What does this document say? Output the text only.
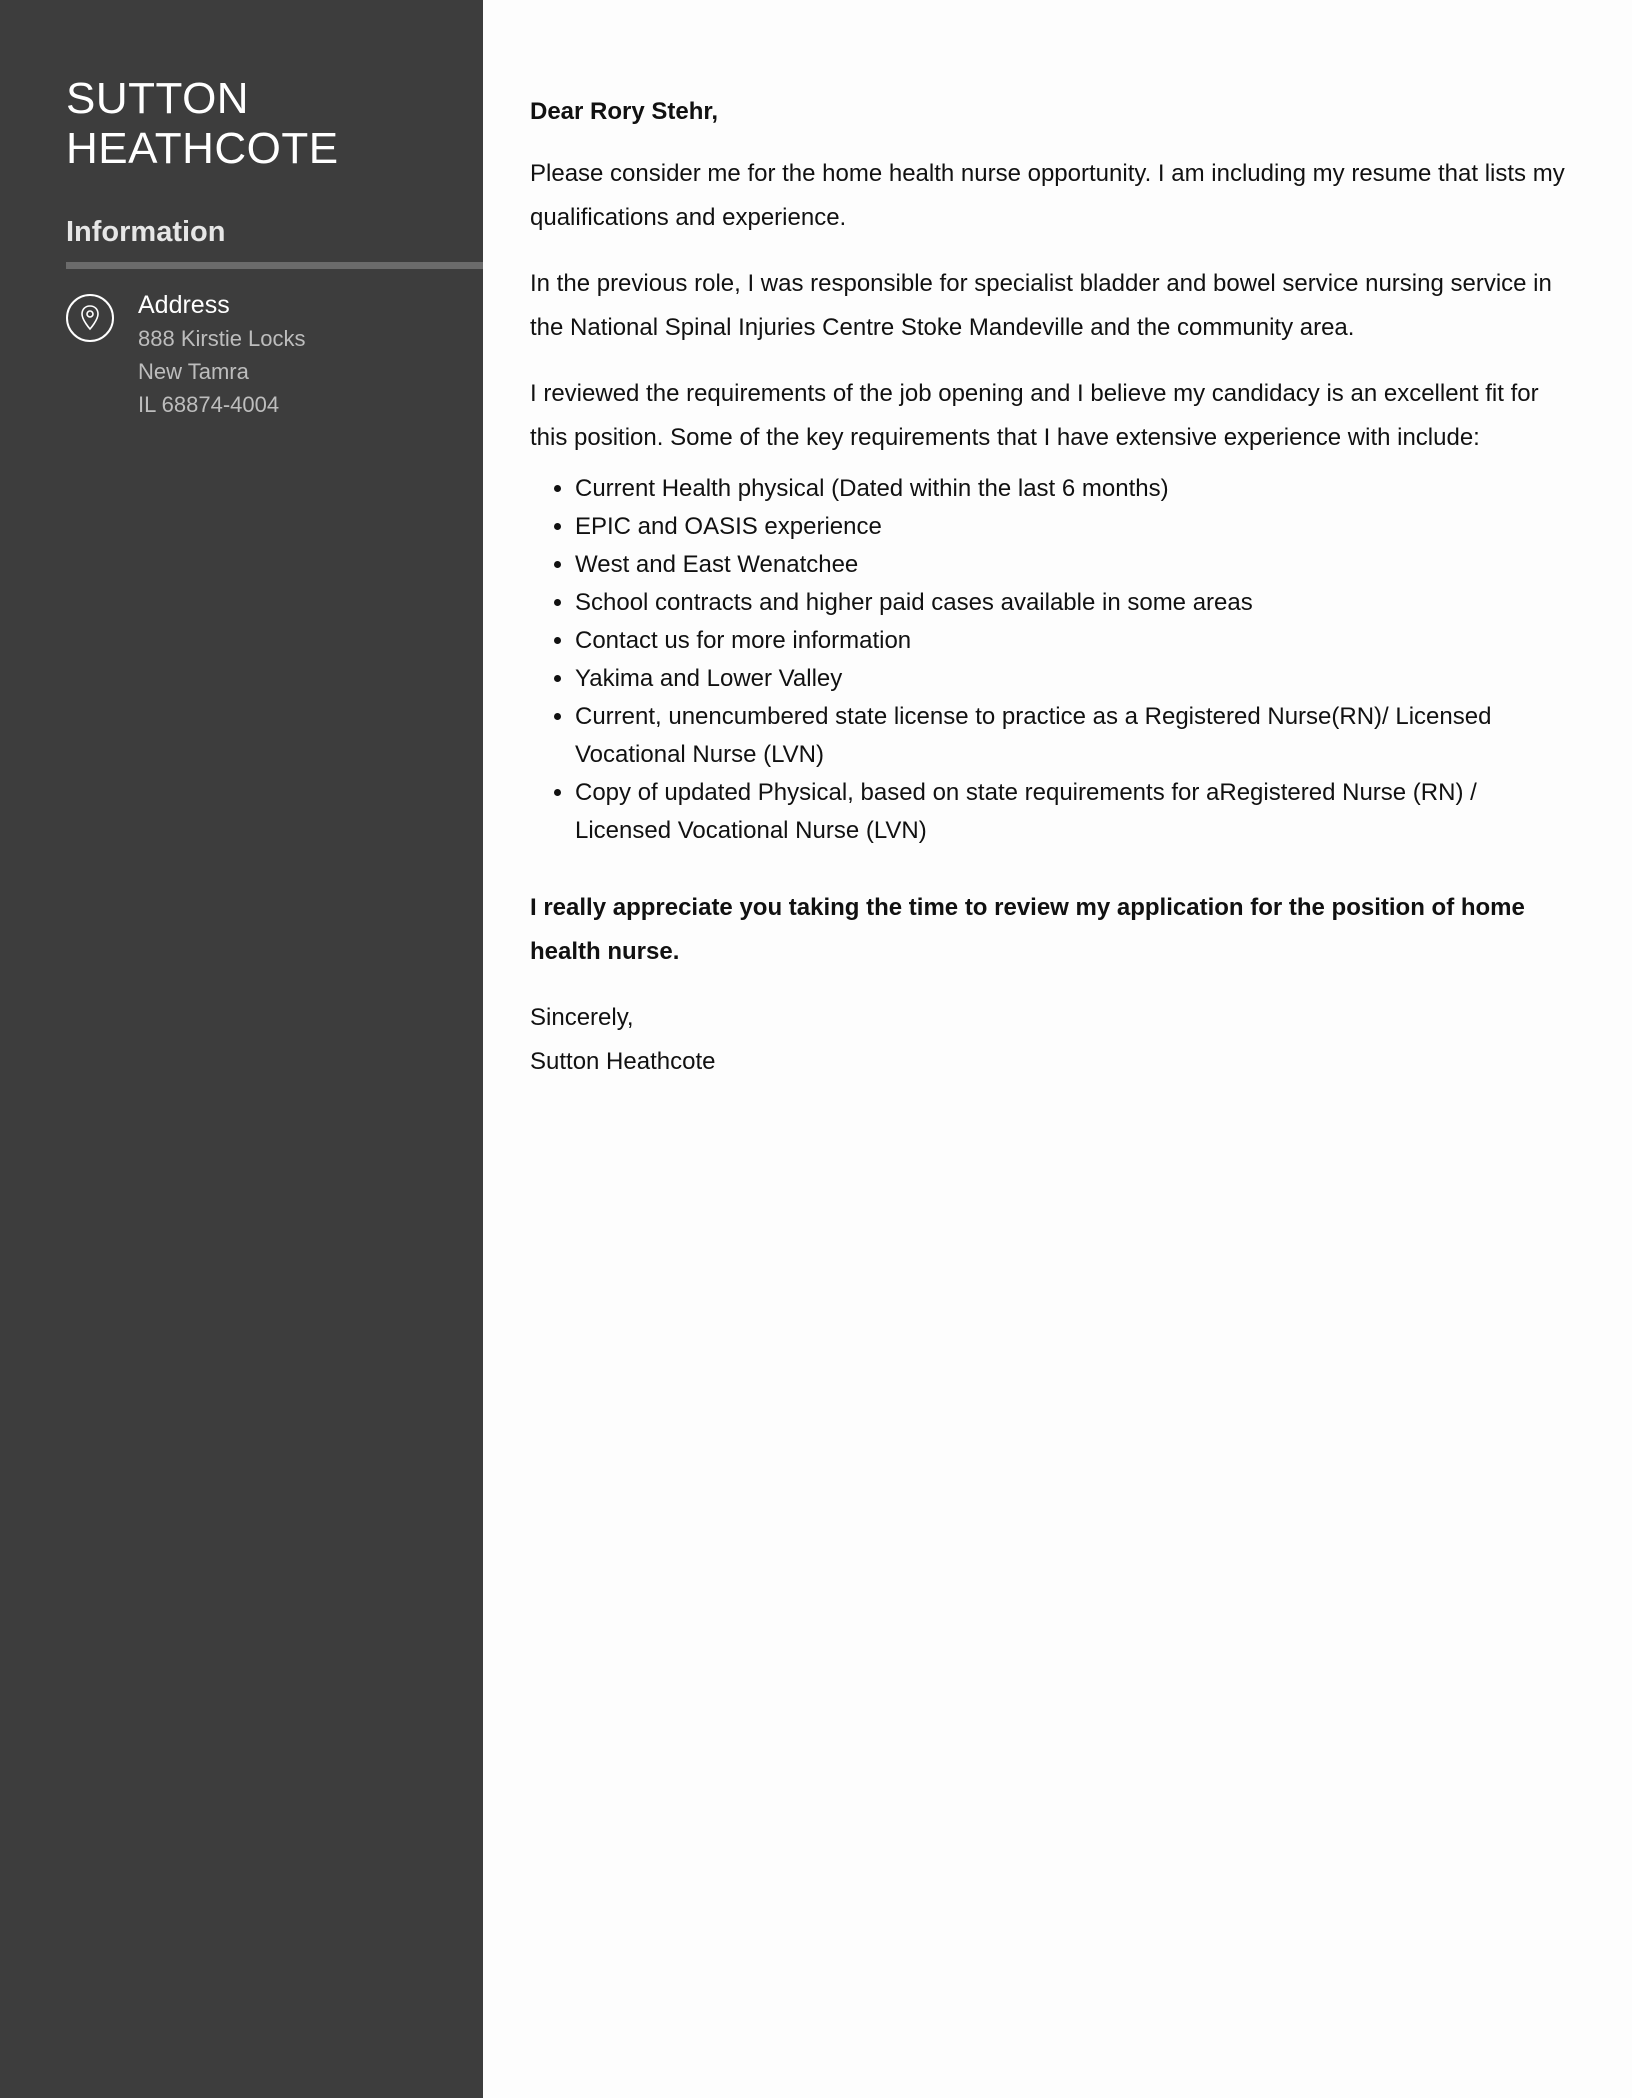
SUTTON
HEATHCOTE
Information

Address

888 Kirstie Locks

New Tamra

IL 68874-4004

Dear Rory Stehr,

Please consider me for the home health nurse opportunity. I am including my resume that lists my qualifications and experience.

In the previous role, I was responsible for specialist bladder and bowel service nursing service in the National Spinal Injuries Centre Stoke Mandeville and the community area.

I reviewed the requirements of the job opening and I believe my candidacy is an excellent fit for this position. Some of the key requirements that I have extensive experience with include:

• Current Health physical (Dated within the last 6 months)
• EPIC and OASIS experience
• West and East Wenatchee
• School contracts and higher paid cases available in some areas
• Contact us for more information
• Yakima and Lower Valley
• Current, unencumbered state license to practice as a Registered Nurse(RN)/ Licensed Vocational Nurse (LVN)
• Copy of updated Physical, based on state requirements for aRegistered Nurse (RN) / Licensed Vocational Nurse (LVN)

I really appreciate you taking the time to review my application for the position of home health nurse.

Sincerely,

Sutton Heathcote
